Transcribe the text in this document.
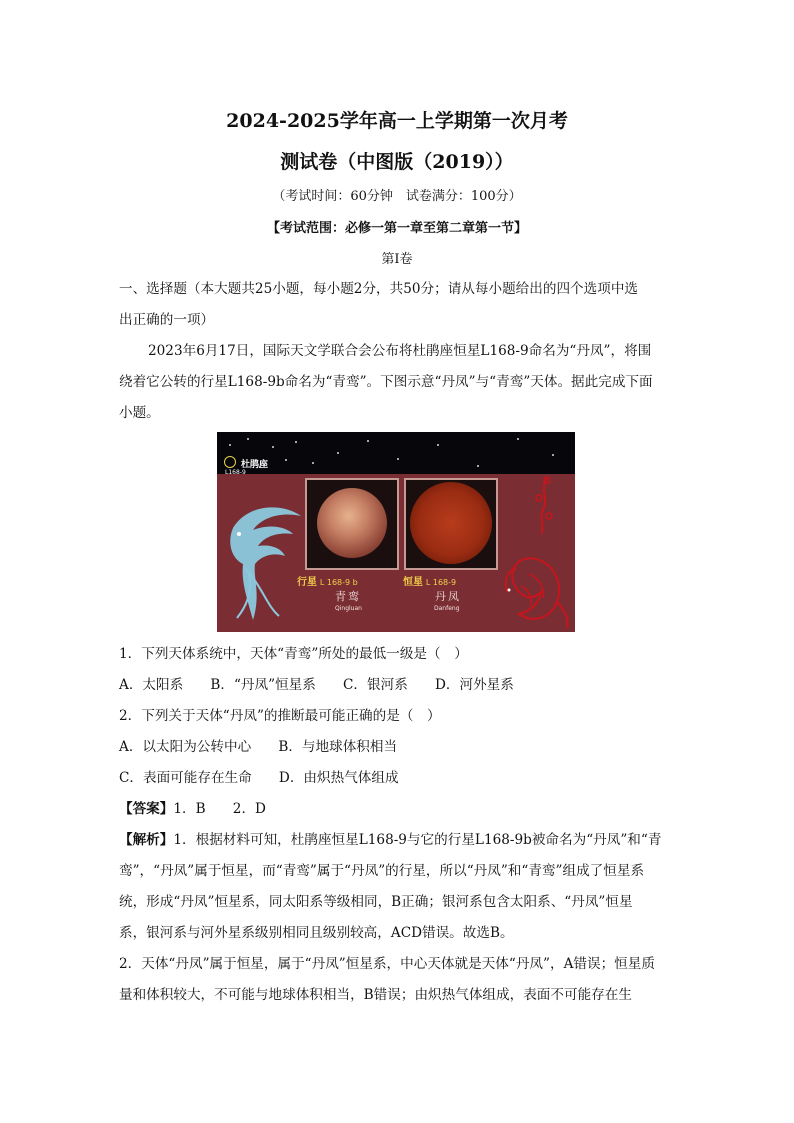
2024-2025学年高一上学期第一次月考
测试卷（中图版（2019））
（考试时间：60分钟　试卷满分：100分）
【考试范围：必修一第一章至第二章第一节】
第Ⅰ卷
一、选择题（本大题共25小题，每小题2分，共50分；请从每小题给出的四个选项中选
出正确的一项）
2023年6月17日，国际天文学联合会公布将杜鹃座恒星L168-9命名为“丹凤”，将围
绕着它公转的行星L168-9b命名为“青鸾”。下图示意“丹凤”与“青鸾”天体。据此完成下面
小题。
L168-9
杜鹃座
行星 L 168-9 b
青鸾
Qingluan
恒星 L 168-9
丹凤
Danfeng
1．下列天体系统中，天体“青鸾”所处的最低一级是（　）
A．太阳系　　B．“丹凤”恒星系　　C．银河系　　D．河外星系
2．下列关于天体“丹凤”的推断最可能正确的是（　）
A．以太阳为公转中心　　B．与地球体积相当
C．表面可能存在生命　　D．由炽热气体组成
【答案】1．B　　2．D
【解析】1．根据材料可知，杜鹃座恒星L168-9与它的行星L168-9b被命名为“丹凤”和“青
鸾”，“丹凤”属于恒星，而“青鸾”属于“丹凤”的行星，所以“丹凤”和“青鸾”组成了恒星系
统，形成“丹凤”恒星系，同太阳系等级相同，B正确；银河系包含太阳系、“丹凤”恒星
系，银河系与河外星系级别相同且级别较高，ACD错误。故选B。
2．天体“丹凤”属于恒星，属于“丹凤”恒星系，中心天体就是天体“丹凤”，A错误；恒星质
量和体积较大，不可能与地球体积相当，B错误；由炽热气体组成，表面不可能存在生
